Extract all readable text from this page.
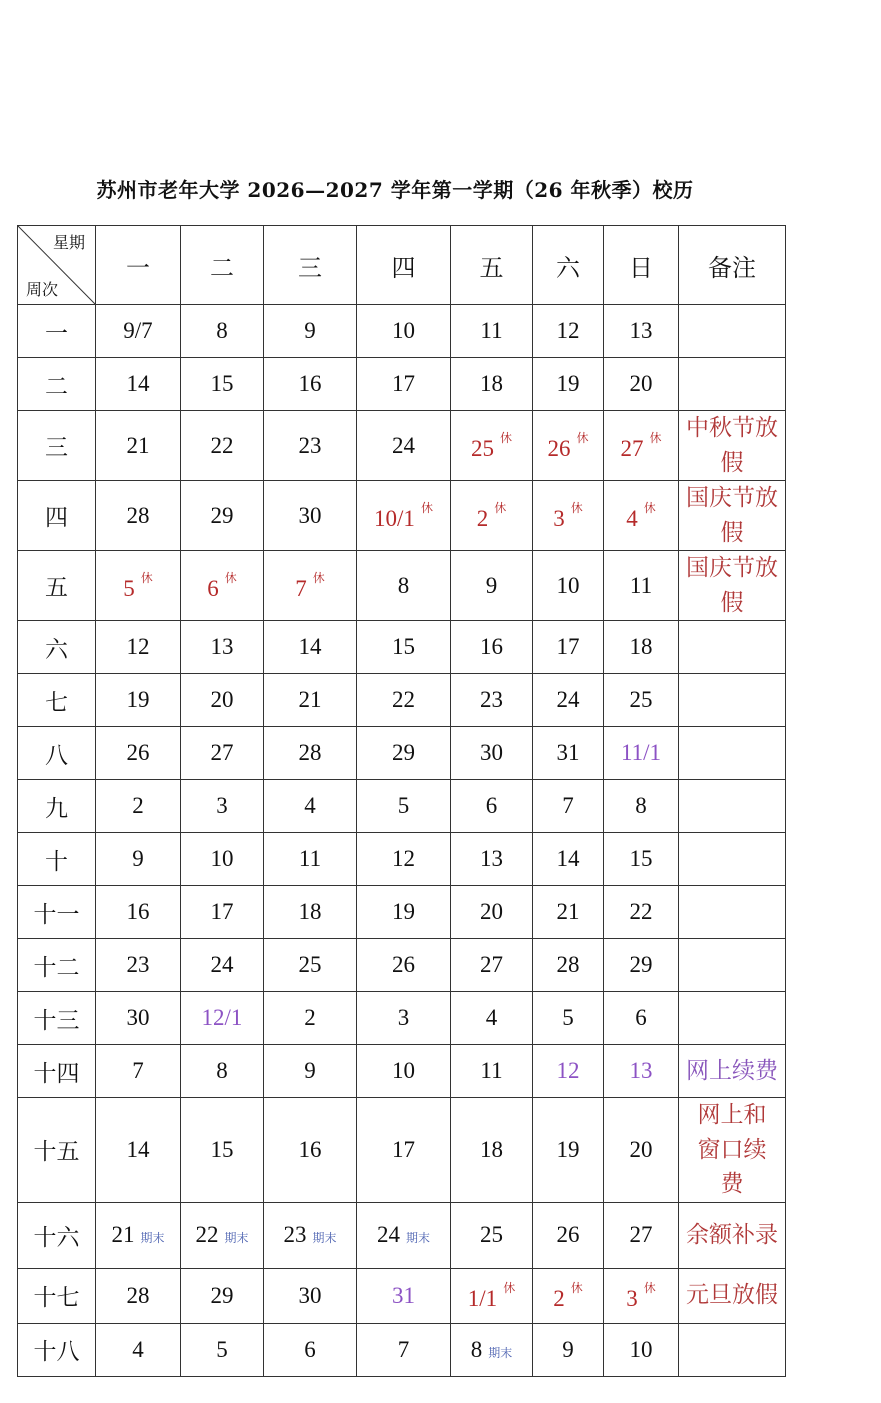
苏州市老年大学 2026—2027 学年第一学期（26 年秋季）校历
星期
周次	一	二	三	四	五	六	日	备注
一	9/7	8	9	10	11	12	13	
二	14	15	16	17	18	19	20	
三	21	22	23	24	25 $^休$	26 $^休$	27 $^休$	中秋节放假
四	28	29	30	10/1 $^休$	2 $^休$	3 $^休$	4 $^休$	国庆节放假
五	5 $^休$	6 $^休$	7 $^休$	8	9	10	11	国庆节放假
六	12	13	14	15	16	17	18	
七	19	20	21	22	23	24	25	
八	26	27	28	29	30	31	11/1	
九	2	3	4	5	6	7	8	
十	9	10	11	12	13	14	15	
十一	16	17	18	19	20	21	22	
十二	23	24	25	26	27	28	29	
十三	30	12/1	2	3	4	5	6	
十四	7	8	9	10	11	12	13	网上续费
十五	14	15	16	17	18	19	20	网上和窗口续费
十六	21 期末	22 期末	23 期末	24 期末	25	26	27	余额补录
十七	28	29	30	31	1/1 $^休$	2 $^休$	3 $^休$	元旦放假
十八	4	5	6	7	8 期末	9	10	
